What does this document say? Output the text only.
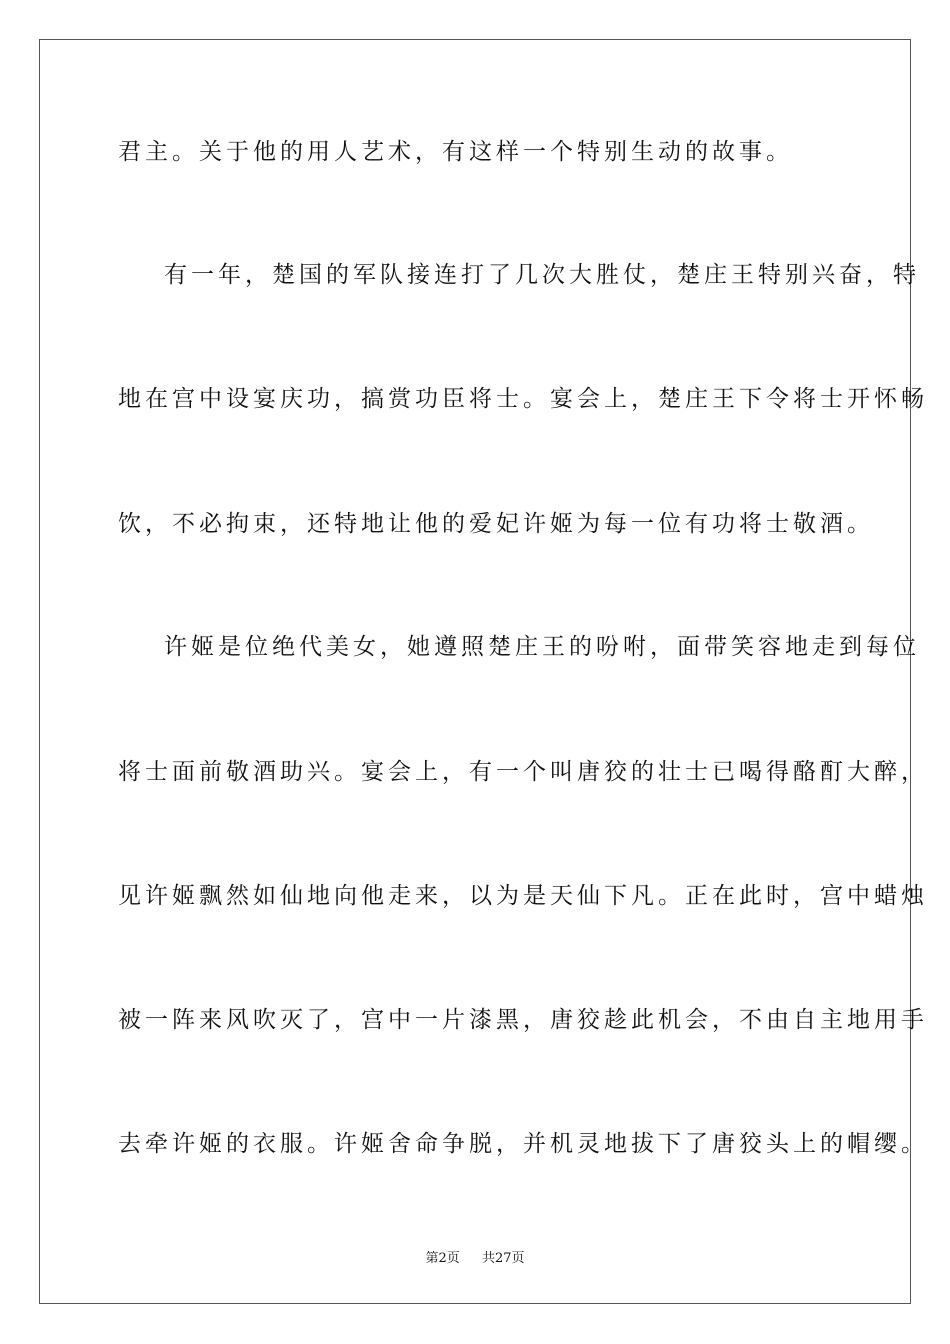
君主。关于他的用人艺术，有这样一个特别生动的故事。
有一年，楚国的军队接连打了几次大胜仗，楚庄王特别兴奋，特
地在宫中设宴庆功，搞赏功臣将士。宴会上，楚庄王下令将士开怀畅
饮，不必拘束，还特地让他的爱妃许姬为每一位有功将士敬酒。
许姬是位绝代美女，她遵照楚庄王的吩咐，面带笑容地走到每位
将士面前敬酒助兴。宴会上，有一个叫唐狡的壮士已喝得酪酊大醉，
见许姬飘然如仙地向他走来，以为是天仙下凡。正在此时，宫中蜡烛
被一阵来风吹灭了，宫中一片漆黑，唐狡趁此机会，不由自主地用手
去牵许姬的衣服。许姬舍命争脱，并机灵地拔下了唐狡头上的帽缨。
第2页 共27页
